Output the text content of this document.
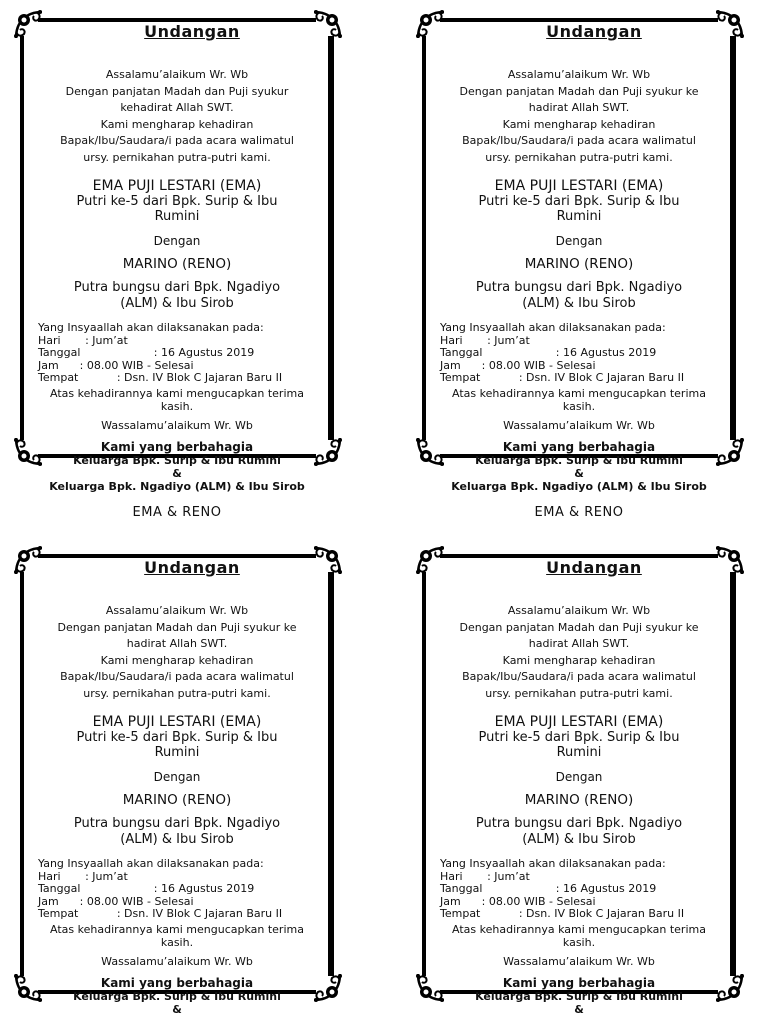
Undangan
Assalamu’alaikum Wr. Wb
Dengan panjatan Madah dan Puji syukur
kehadirat Allah SWT.
Kami mengharap kehadiran
Bapak/Ibu/Saudara/i pada acara walimatul
ursy. pernikahan putra-putri kami.
EMA PUJI LESTARI (EMA)
Putri ke-5 dari Bpk. Surip & Ibu
Rumini
Dengan
MARINO (RENO)
Putra bungsu dari Bpk. Ngadiyo
(ALM) & Ibu Sirob
Yang Insyaallah akan dilaksanakan pada:
Hari       : Jum’at
Tanggal                     : 16 Agustus 2019
Jam      : 08.00 WIB - Selesai
Tempat           : Dsn. IV Blok C Jajaran Baru II
Atas kehadirannya kami mengucapkan terima
kasih.
Wassalamu’alaikum Wr. Wb
Kami yang berbahagia
Keluarga Bpk. Surip & Ibu Rumini
&
Keluarga Bpk. Ngadiyo (ALM) & Ibu Sirob
EMA & RENO
Undangan
Assalamu’alaikum Wr. Wb
Dengan panjatan Madah dan Puji syukur ke
hadirat Allah SWT.
Kami mengharap kehadiran
Bapak/Ibu/Saudara/i pada acara walimatul
ursy. pernikahan putra-putri kami.
EMA PUJI LESTARI (EMA)
Putri ke-5 dari Bpk. Surip & Ibu
Rumini
Dengan
MARINO (RENO)
Putra bungsu dari Bpk. Ngadiyo
(ALM) & Ibu Sirob
Yang Insyaallah akan dilaksanakan pada:
Hari       : Jum’at
Tanggal                     : 16 Agustus 2019
Jam      : 08.00 WIB - Selesai
Tempat           : Dsn. IV Blok C Jajaran Baru II
Atas kehadirannya kami mengucapkan terima
kasih.
Wassalamu’alaikum Wr. Wb
Kami yang berbahagia
Keluarga Bpk. Surip & Ibu Rumini
&
Keluarga Bpk. Ngadiyo (ALM) & Ibu Sirob
EMA & RENO
Undangan
Assalamu’alaikum Wr. Wb
Dengan panjatan Madah dan Puji syukur ke
hadirat Allah SWT.
Kami mengharap kehadiran
Bapak/Ibu/Saudara/i pada acara walimatul
ursy. pernikahan putra-putri kami.
EMA PUJI LESTARI (EMA)
Putri ke-5 dari Bpk. Surip & Ibu
Rumini
Dengan
MARINO (RENO)
Putra bungsu dari Bpk. Ngadiyo
(ALM) & Ibu Sirob
Yang Insyaallah akan dilaksanakan pada:
Hari       : Jum’at
Tanggal                     : 16 Agustus 2019
Jam      : 08.00 WIB - Selesai
Tempat           : Dsn. IV Blok C Jajaran Baru II
Atas kehadirannya kami mengucapkan terima
kasih.
Wassalamu’alaikum Wr. Wb
Kami yang berbahagia
Keluarga Bpk. Surip & Ibu Rumini
&
Undangan
Assalamu’alaikum Wr. Wb
Dengan panjatan Madah dan Puji syukur ke
hadirat Allah SWT.
Kami mengharap kehadiran
Bapak/Ibu/Saudara/i pada acara walimatul
ursy. pernikahan putra-putri kami.
EMA PUJI LESTARI (EMA)
Putri ke-5 dari Bpk. Surip & Ibu
Rumini
Dengan
MARINO (RENO)
Putra bungsu dari Bpk. Ngadiyo
(ALM) & Ibu Sirob
Yang Insyaallah akan dilaksanakan pada:
Hari       : Jum’at
Tanggal                     : 16 Agustus 2019
Jam      : 08.00 WIB - Selesai
Tempat           : Dsn. IV Blok C Jajaran Baru II
Atas kehadirannya kami mengucapkan terima
kasih.
Wassalamu’alaikum Wr. Wb
Kami yang berbahagia
Keluarga Bpk. Surip & Ibu Rumini
&
